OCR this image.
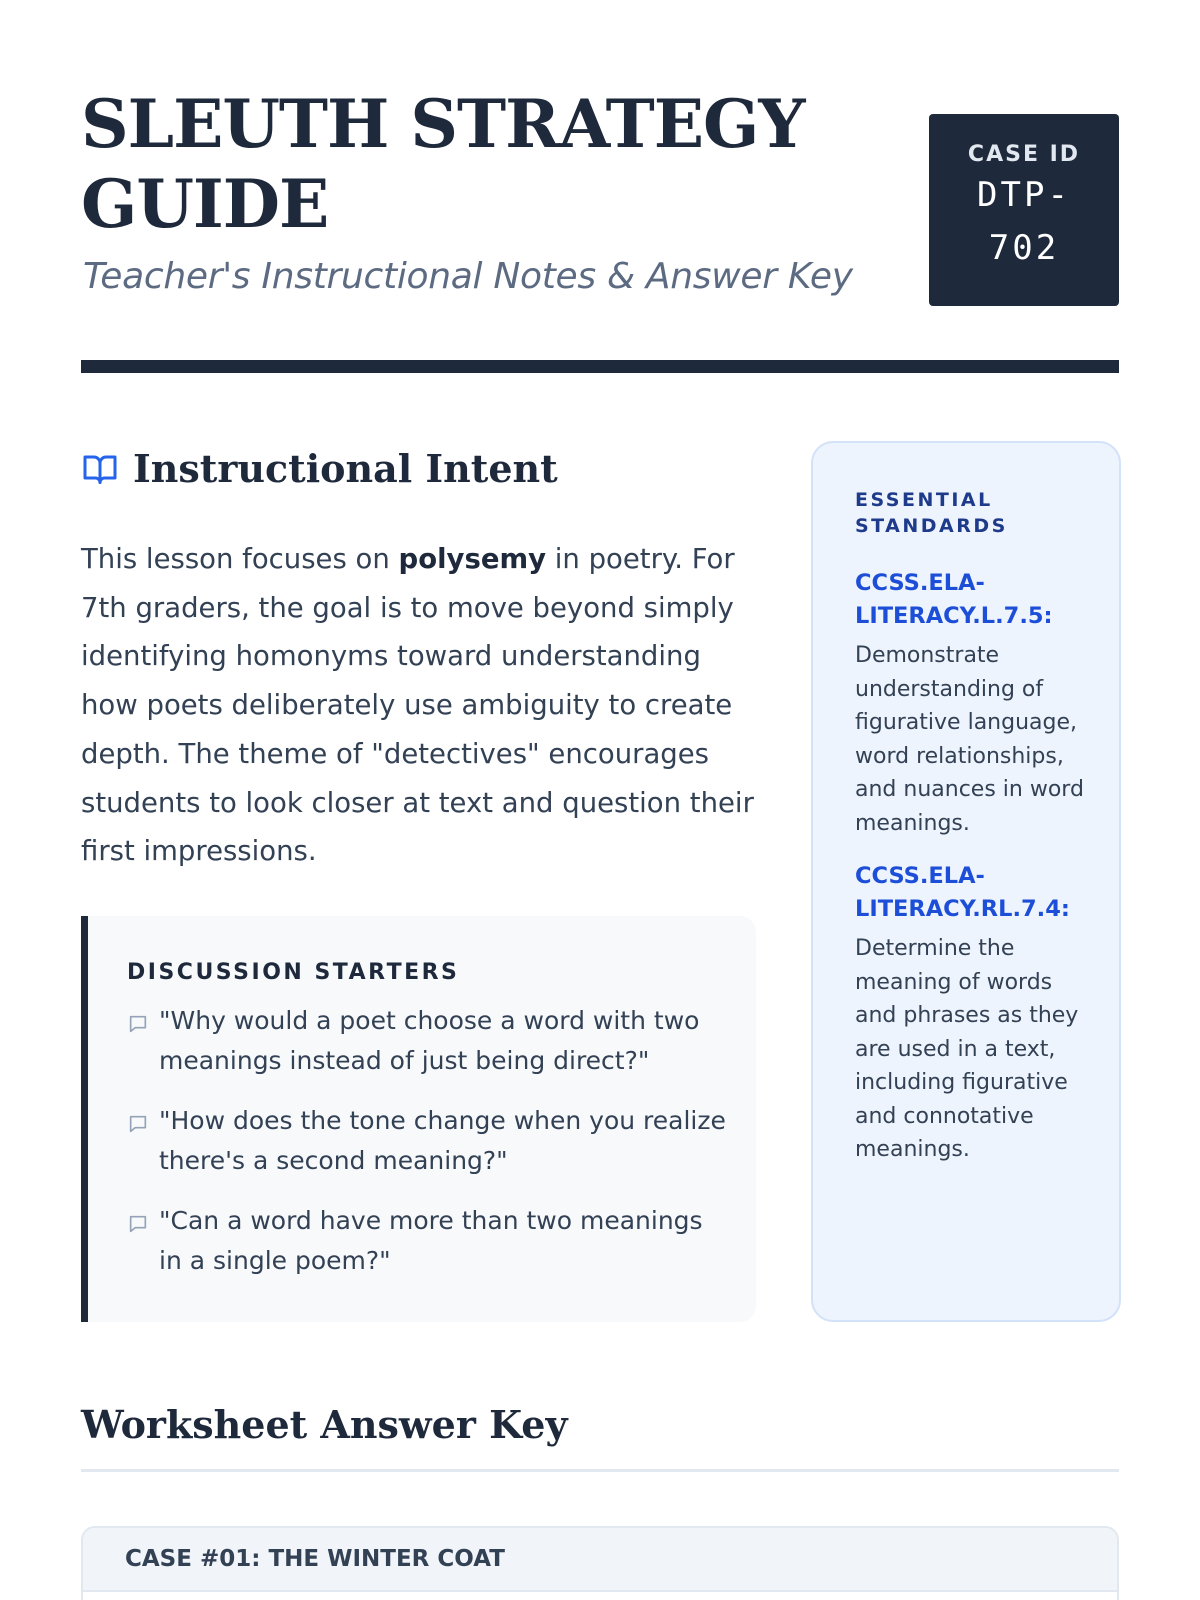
SLEUTH STRATEGY GUIDE
Teacher's Instructional Notes & Answer Key
CASE ID
DTP-702
Instructional Intent

This lesson focuses on polysemy in poetry. For 7th graders, the goal is to move beyond simply identifying homonyms toward understanding how poets deliberately use ambiguity to create depth. The theme of "detectives" encourages students to look closer at text and question their first impressions.

DISCUSSION STARTERS
"Why would a poet choose a word with two meanings instead of just being direct?"
"How does the tone change when you realize there's a second meaning?"
"Can a word have more than two meanings in a single poem?"
ESSENTIAL STANDARDS
CCSS.ELA-LITERACY.L.7.5:
Demonstrate understanding of figurative language, word relationships, and nuances in word meanings.
CCSS.ELA-LITERACY.RL.7.4:
Determine the meaning of words and phrases as they are used in a text, including figurative and connotative meanings.
Worksheet Answer Key
CASE #01: THE WINTER COAT
